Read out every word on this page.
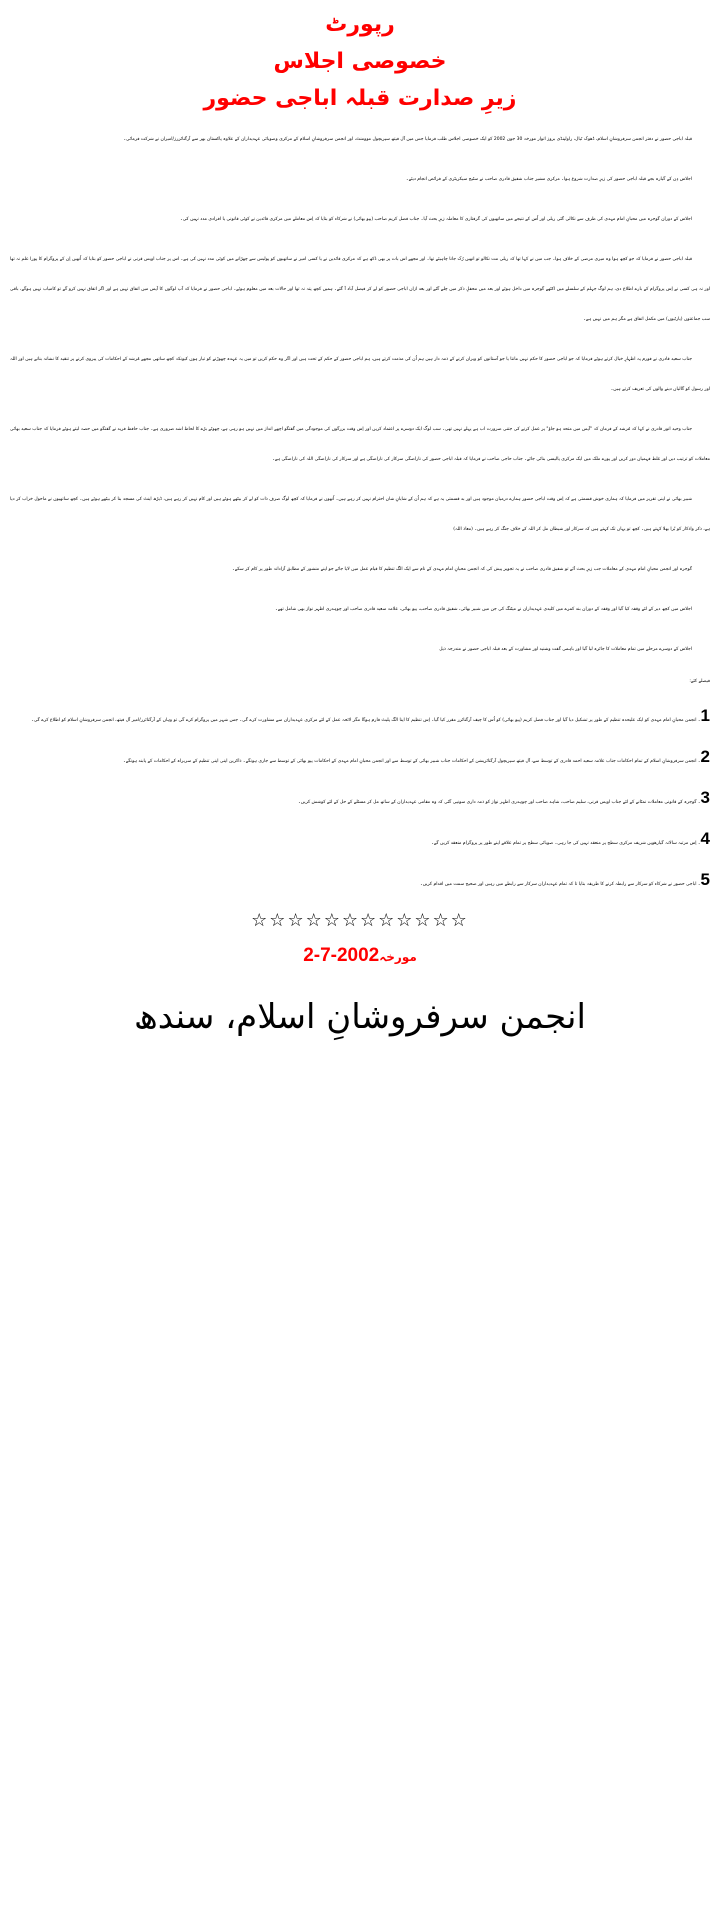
رپورٹ
خصوصی اجلاس
زیرِ صدارت قبلہ اباجی حضور

قبلہ اباجی حضور نے دفتر انجمن سرفروشانِ اسلام، ڈھوک ٹیال، راولپنڈی بروز اتوار مورخہ 30 جون 2002 کو ایک خصوصی اجلاس طلب فرمایا جس میں آل فیتھ سپریچول موومنٹ، اور انجمن سرفروشانِ اسلام کے مرکزی وصوبائی عہدیداران کے علاوہ پاکستان بھر سے آرگنائزرز/امیران نے شرکت فرمائی۔

اجلاس دِن کے گیارہ بجے قبلہ اباجی حضور کی زیرِ صدارت شروع ہوا۔ مرکزی مشیر جناب شفیق قادری صاحب نے سٹیج سیکریٹری کے فرائض انجام دیئے۔

اجلاس کے دوران گوجرہ میں محبانِ امام مہدی کی طرف سے نکالی گئی ریلی اور اُس کے نتیجے میں ساتھیوں کی گرفتاری کا معاملہ زیرِ بحث آیا۔ جناب فضل کریم صاحب (پپو بھائی) نے شرکاء کو بتایا کہ اِس معاملے میں مرکزی قائدین نے کوئی قانونی یا افرادی مدد نہیں کی۔

قبلہ اباجی حضور نے فرمایا کہ جو کچھ ہوا وہ میری مرضی کے خلاف ہوا۔ جب میں نے کہا تھا کہ ریلی مت نکالو تو انھیں رُک جانا چاہیئے تھا۔ اور مجھے اس بات پر بھی دُکھ ہے کہ مرکزی قائدین نے یا کسی امیر نے ساتھیوں کو پولیس سے چھڑانے میں کوئی مدد نہیں کی ہے۔ اس پر جناب اویس قرنی نے اباجی حضور کو بتایا کہ اُنھیں اِن کے پروگرام کا پورا علم نہ تھا اور نہ ہی کسی نے اِس پروگرام کے بارے اطلاع دی، ہم لوگ جہلم کے سلسلے میں اکٹھے گوجرہ میں داخل ہوئے اور بعد میں محفلِ ذکر میں چلے گئے اور بعد ازاں اباجی حضور کو لے کر فیصل آباد آ گئے۔ ہمیں کچھ پتہ نہ تھا اور حالات بعد میں معلوم ہوئے۔ اباجی حضور نے فرمایا کہ آپ لوگوں کا آپس میں اتفاق نہیں ہے اور اگر اتفاق نہیں کرو گے تو کامیاب نہیں ہوگے، باقی سب جماعتوں (پارٹیوں) میں مکمل اتفاق ہے مگر ہم میں نہیں ہے۔

جناب سعید قادری نے فورم پہ اظہارِ خیال کرتے ہوئے فرمایا کہ جو اباجی حضور کا حکم نہیں مانتا یا جو آستانوں کو ویران کرنے کے ذمہ دار ہیں ہم اُن کی مذمت کرتے ہیں، ہم اباجی حضور کے حکم کے تحت ہیں اور اگر وہ حکم کریں تو میں یہ عہدہ چھوڑنے کو تیار ہوں کیونکہ کچھ ساتھی مجھے مُرشد کے احکامات کی پیروی کرنے پر تنقید کا نشانہ بناتے ہیں اور اللہ اور رسول کو گالیاں دینے والوں کی تعریف کرتے ہیں۔

جناب وحید انور قادری نے کہا کہ مُرشد کے فرمان کہ "آپس میں متحد ہو جاؤ" پر عمل کرنے کی جتنی ضرورت اب ہے پہلے نہیں تھی۔ سب لوگ ایک دوسرے پر اعتماد کریں اور اِس وقت بزرگوں کی موجودگی میں گفتگو اچھے انداز میں نہیں ہو رہی ہے، چھوٹے بڑے کا لحاظ اشد ضروری ہے۔ جناب حافظ فرید نے گفتگو میں حصہ لیتے ہوئے فرمایا کہ جناب سعید بھائی معاملات کو ترتیب دیں اور غلط فہمیاں دور کریں اور پورے ملک میں ایک مرکزی پالیسی بنائی جائے۔ جناب حاجی صاحب نے فرمایا کہ قبلہ اباجی حضور کی ناراضگی سرکار کی ناراضگی ہے اور سرکار کی ناراضگی اللہ کی ناراضگی ہے۔

شبیر بھائی نے اپنی تقریر میں فرمایا کہ ہماری خوش قسمتی ہے کہ اِس وقت اباجی حضور ہمارے درمیان موجود ہیں اور بد قسمتی یہ ہے کہ ہم اُن کے شایانِ شان احترام نہیں کر رہے ہیں۔ اُنھوں نے فرمایا کہ کچھ لوگ صرف ذات کو لے کر بیٹھے ہوئے ہیں اور کام نہیں کر رہے ہیں، ڈیڑھ اینٹ کی مسجد بنا کر بیٹھے ہوئے ہیں۔ کچھ ساتھیوں نے ماحول خراب کر دیا ہے، ذکر واذکار کو بُرا بھلا کہتے ہیں۔ کچھ تو یہاں تک کہتے ہیں کہ سرکار اور شیطان مل کر اللہ کے خلاف جنگ کر رہے ہیں۔ (معاذ اللہ)

گوجرہ اور انجمن محبانِ امام مہدی کے معاملات جب زیرِ بحث آئے تو شفیق قادری صاحب نے یہ تجویز پیش کی کہ انجمن محبانِ امام مہدی کے نام سے ایک الگ تنظیم کا قیام عمل میں لایا جائے جو اپنے منشور کے مطابق آزادانہ طور پر کام کر سکے۔

اجلاس میں کچھ دیر کے لئے وقفہ کیا گیا اور وقفہ کے دوران بند کمرے میں کلیدی عہدیداران نے میٹنگ کی جن میں شبیر بھائی، شفیق قادری صاحب، پپو بھائی، علامہ سعید قادری صاحب اور چوہدری اظہر نواز بھی شامل تھے۔

اجلاس کے دوسرے مرحلے میں تمام معاملات کا جائزہ لیا گیا اور باہمی گفت وشنید اور مشاورت کے بعد قبلہ اباجی حضور نے مندرجہ ذیل

فیصلے کئے:
1۔ انجمن محبانِ امام مہدی کو ایک علیحدہ تنظیم کے طور پر تشکیل دیا گیا اور جناب فضل کریم (پپو بھائی) کو اُس کا چیف آرگنائزر مقرر کیا گیا۔ اِس تنظیم کا اپنا الگ پلیٹ فارم ہوگا مگر لائحہ عمل کے لئے مرکزی عہدیداران سے مشاورت کرے گی۔ جس شہر میں پروگرام کرے گی تو وہاں کے آرگنائزر/امیر آل فیتھ، انجمن سرفروشانِ اسلام کو اطلاع کرے گی۔
2۔ انجمن سرفروشانِ اسلام کے تمام احکامات جناب علامہ سعید احمد قادری کے توسط سے، آل فیتھ سپریچول آرگنائزیشن کے احکامات جناب شبیر بھائی کے توسط سے اور انجمن محبانِ امام مہدی کے احکامات پپو بھائی کے توسط سے جاری ہونگے۔ ذاکرین اپنی اپنی تنظیم کے سربراہ کے احکامات کے پابند ہونگے۔
3۔ گوجرہ کے قانونی معاملات نمٹانے کے لئے جناب اویس قرنی، سلیم صاحب، شاہد صاحب اور چوہدری اظہر نواز کو ذمہ داری سونپی گئی کہ وہ مقامی عہدیداران کے ساتھ مل کر مسئلے کے حل کے لئے کوشش کریں۔
4۔ اِس مرتبہ سالانہ گیارھویں شریف مرکزی سطح پر منعقد نہیں کی جا رہی۔ صوبائی سطح پر تمام علاقے اپنے طور پر پروگرام منعقد کریں گے۔
5۔ اباجی حضور نے شرکاء کو سرکار سے رابطہ کرنے کا طریقہ بتایا تا کہ تمام عہدیداران سرکار سے رابطے میں رہیں اور صحیح سمت میں اقدام کریں۔
☆☆☆☆☆☆☆☆☆☆☆☆
مورخہ2-7-2002
انجمن سرفروشانِ اسلام، سندھ
